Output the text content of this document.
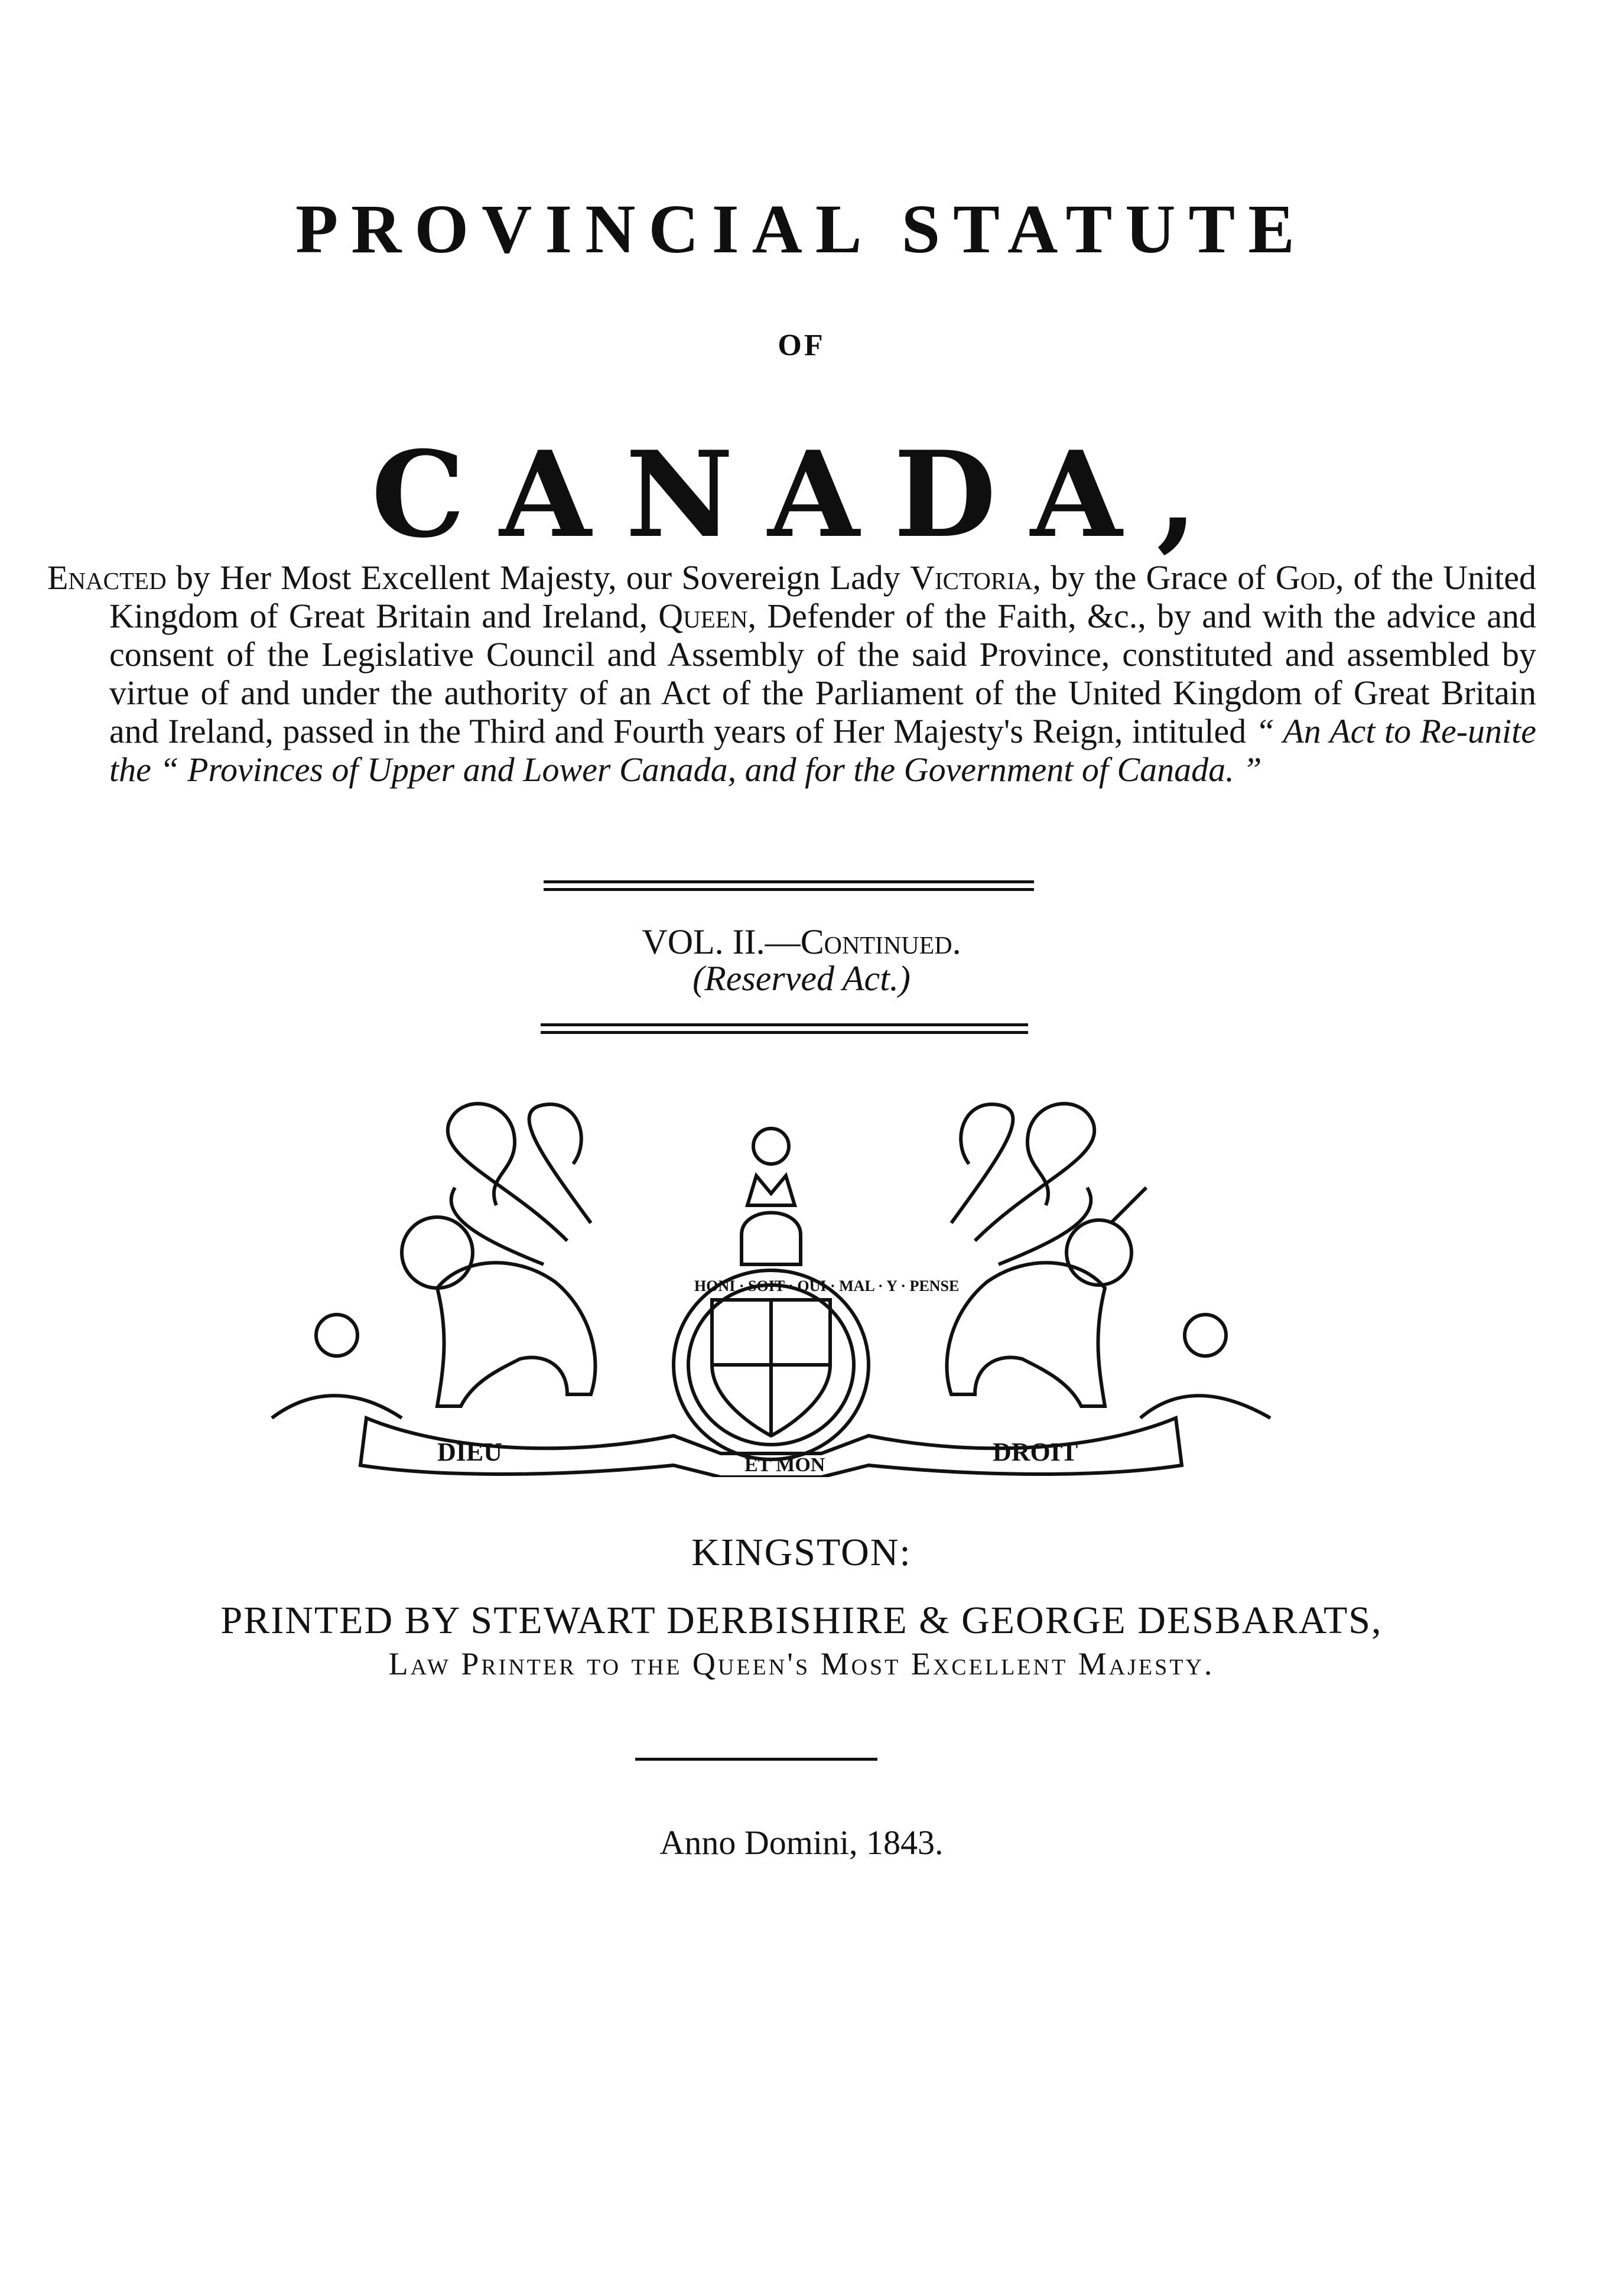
PROVINCIAL STATUTE
OF
CANADA,

Enacted by Her Most Excellent Majesty, our Sovereign Lady Victoria, by the Grace of God, of the United Kingdom of Great Britain and Ireland, Queen, Defender of the Faith, &c., by and with the advice and consent of the Legislative Council and Assembly of the said Province, constituted and assembled by virtue of and under the authority of an Act of the Parliament of the United Kingdom of Great Britain and Ireland, passed in the Third and Fourth years of Her Majesty's Reign, intituled “ An Act to Re-unite the “ Provinces of Upper and Lower Canada, and for the Government of Canada. ”

VOL. II.—Continued.
(Reserved Act.)
DIEU	ET MON	DROIT
HONI · SOIT · QUI · MAL · Y · PENSE
KINGSTON:
PRINTED BY STEWART DERBISHIRE & GEORGE DESBARATS,
Law Printer to the Queen's Most Excellent Majesty.
Anno Domini, 1843.
